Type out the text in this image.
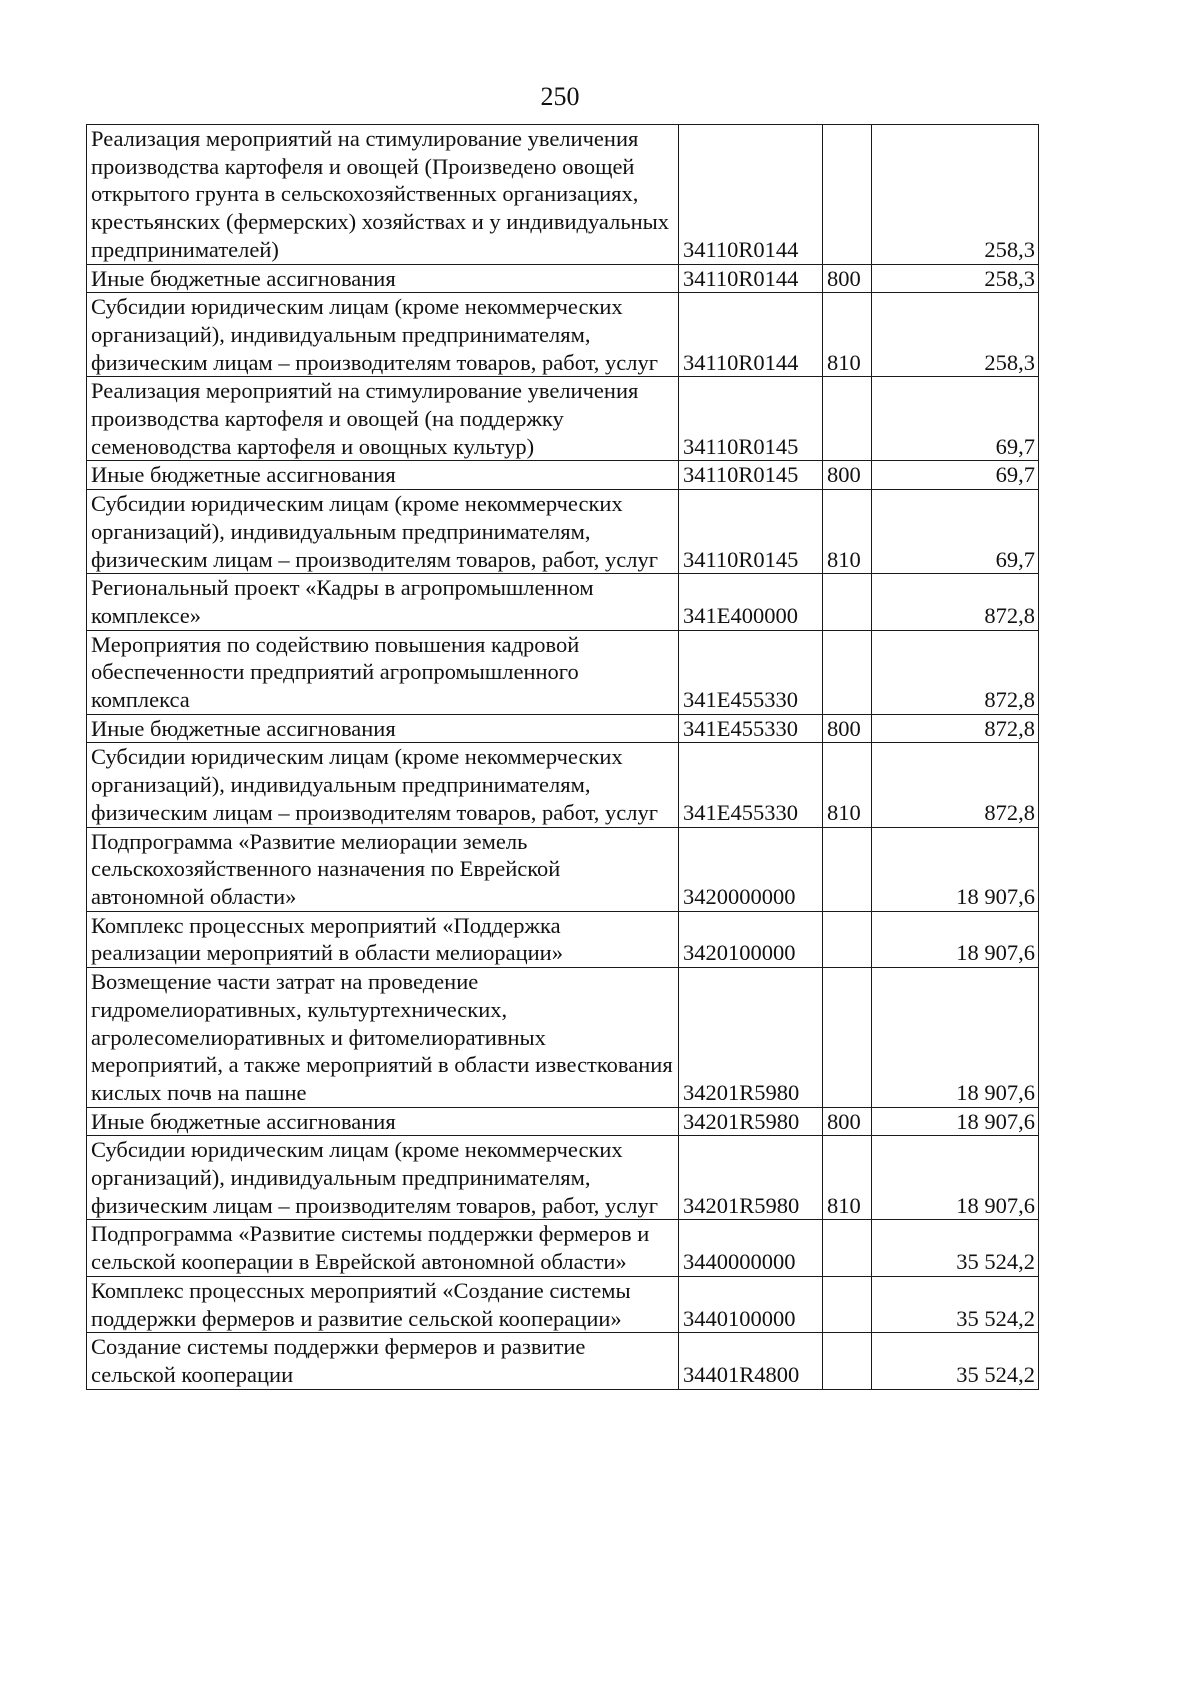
250
Реализация мероприятий на стимулирование увеличения производства картофеля и овощей (Произведено овощей открытого грунта в сельскохозяйственных организациях, крестьянских (фермерских) хозяйствах и у индивидуальных предпринимателей)	34110R0144		258,3
Иные бюджетные ассигнования	34110R0144	800	258,3
Субсидии юридическим лицам (кроме некоммерческих организаций), индивидуальным предпринимателям, физическим лицам – производителям товаров, работ, услуг	34110R0144	810	258,3
Реализация мероприятий на стимулирование увеличения производства картофеля и овощей (на поддержку семеноводства картофеля и овощных культур)	34110R0145		69,7
Иные бюджетные ассигнования	34110R0145	800	69,7
Субсидии юридическим лицам (кроме некоммерческих организаций), индивидуальным предпринимателям, физическим лицам – производителям товаров, работ, услуг	34110R0145	810	69,7
Региональный проект «Кадры в агропромышленном комплексе»	341E400000		872,8
Мероприятия по содействию повышения кадровой обеспеченности предприятий агропромышленного комплекса	341E455330		872,8
Иные бюджетные ассигнования	341E455330	800	872,8
Субсидии юридическим лицам (кроме некоммерческих организаций), индивидуальным предпринимателям, физическим лицам – производителям товаров, работ, услуг	341E455330	810	872,8
Подпрограмма «Развитие мелиорации земель сельскохозяйственного назначения по Еврейской автономной области»	3420000000		18 907,6
Комплекс процессных мероприятий «Поддержка реализации мероприятий в области мелиорации»	3420100000		18 907,6
Возмещение части затрат на проведение гидромелиоративных, культуртехнических, агролесомелиоративных и фитомелиоративных мероприятий, а также мероприятий в области известкования кислых почв на пашне	34201R5980		18 907,6
Иные бюджетные ассигнования	34201R5980	800	18 907,6
Субсидии юридическим лицам (кроме некоммерческих организаций), индивидуальным предпринимателям, физическим лицам – производителям товаров, работ, услуг	34201R5980	810	18 907,6
Подпрограмма «Развитие системы поддержки фермеров и сельской кооперации в Еврейской автономной области»	3440000000		35 524,2
Комплекс процессных мероприятий «Создание системы поддержки фермеров и развитие сельской кооперации»	3440100000		35 524,2
Создание системы поддержки фермеров и развитие сельской кооперации	34401R4800		35 524,2
